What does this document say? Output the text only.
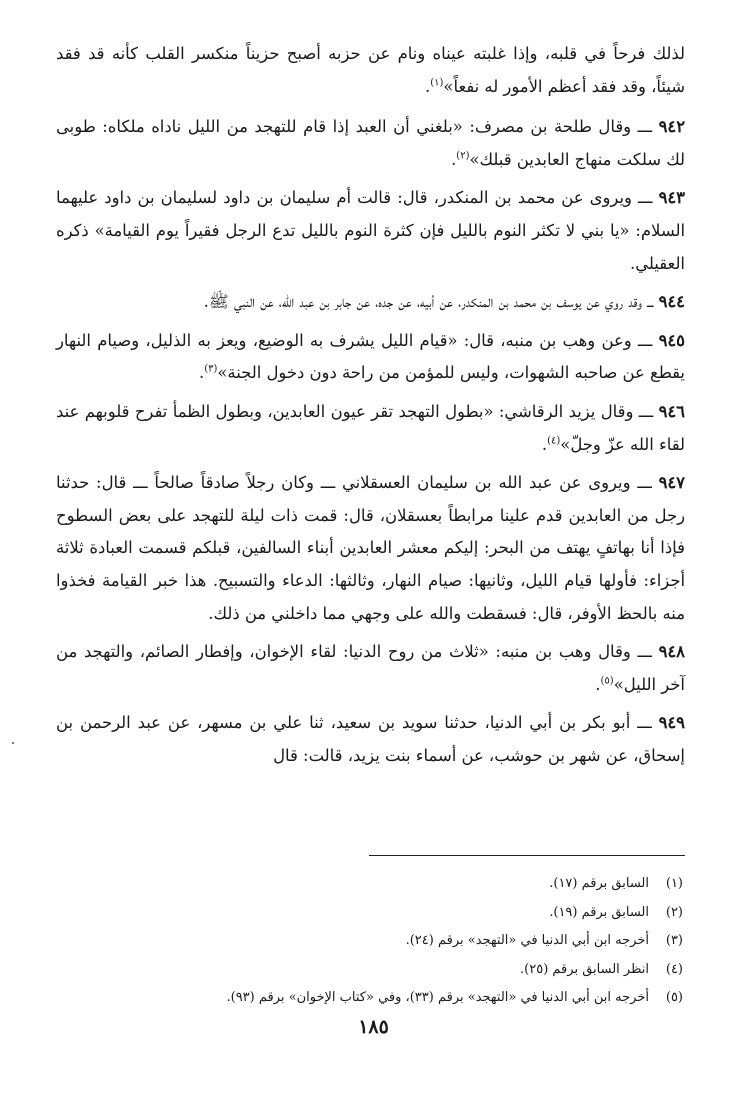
لذلك فرحاً في قلبه، وإذا غلبته عيناه ونام عن حزبه أصبح حزيناً منكسر القلب كأنه قد فقد شيئاً، وقد فقد أعظم الأمور له نفعاً»$^{(١)}$.

٩٤٢ ـــ وقال طلحة بن مصرف: «بلغني أن العبد إذا قام للتهجد من الليل ناداه ملكاه: طوبى لك سلكت منهاج العابدين قبلك»$^{(٢)}$.

٩٤٣ ـــ ويروى عن محمد بن المنكدر، قال: قالت أم سليمان بن داود لسليمان بن داود عليهما السلام: «يا بني لا تكثر النوم بالليل فإن كثرة النوم بالليل تدع الرجل فقيراً يوم القيامة» ذكره العقيلي.

٩٤٤ ـــ وقد روي عن يوسف بن محمد بن المنكدر، عن أبيه، عن جده، عن جابر بن عبد الله، عن النبي ﷺ.

٩٤٥ ـــ وعن وهب بن منبه، قال: «قيام الليل يشرف به الوضيع، ويعز به الذليل، وصيام النهار يقطع عن صاحبه الشهوات، وليس للمؤمن من راحة دون دخول الجنة»$^{(٣)}$.

٩٤٦ ـــ وقال يزيد الرقاشي: «بطول التهجد تقر عيون العابدين، وبطول الظمأ تفرح قلوبهم عند لقاء الله عزّ وجلّ»$^{(٤)}$.

٩٤٧ ـــ ويروى عن عبد الله بن سليمان العسقلاني ـــ وكان رجلاً صادقاً صالحاً ـــ قال: حدثنا رجل من العابدين قدم علينا مرابطاً بعسقلان، قال: قمت ذات ليلة للتهجد على بعض السطوح فإذا أنا بهاتفٍ يهتف من البحر: إليكم معشر العابدين أبناء السالفين، قبلكم قسمت العبادة ثلاثة أجزاء: فأولها قيام الليل، وثانيها: صيام النهار، وثالثها: الدعاء والتسبيح. هذا خبر القيامة فخذوا منه بالحظ الأوفر، قال: فسقطت والله على وجهي مما داخلني من ذلك.

٩٤٨ ـــ وقال وهب بن منبه: «ثلاث من روح الدنيا: لقاء الإخوان، وإفطار الصائم، والتهجد من آخر الليل»$^{(٥)}$.

٩٤٩ ـــ أبو بكر بن أبي الدنيا، حدثنا سويد بن سعيد، ثنا علي بن مسهر، عن عبد الرحمن بن إسحاق، عن شهر بن حوشب، عن أسماء بنت يزيد، قالت: قال

(١)السابق برقم (١٧).
(٢)السابق برقم (١٩).
(٣)أخرجه ابن أبي الدنيا في «التهجد» برقم (٢٤).
(٤)انظر السابق برقم (٢٥).
(٥)أخرجه ابن أبي الدنيا في «التهجد» برقم (٣٣)، وفي «كتاب الإخوان» برقم (٩٣).
١٨٥
